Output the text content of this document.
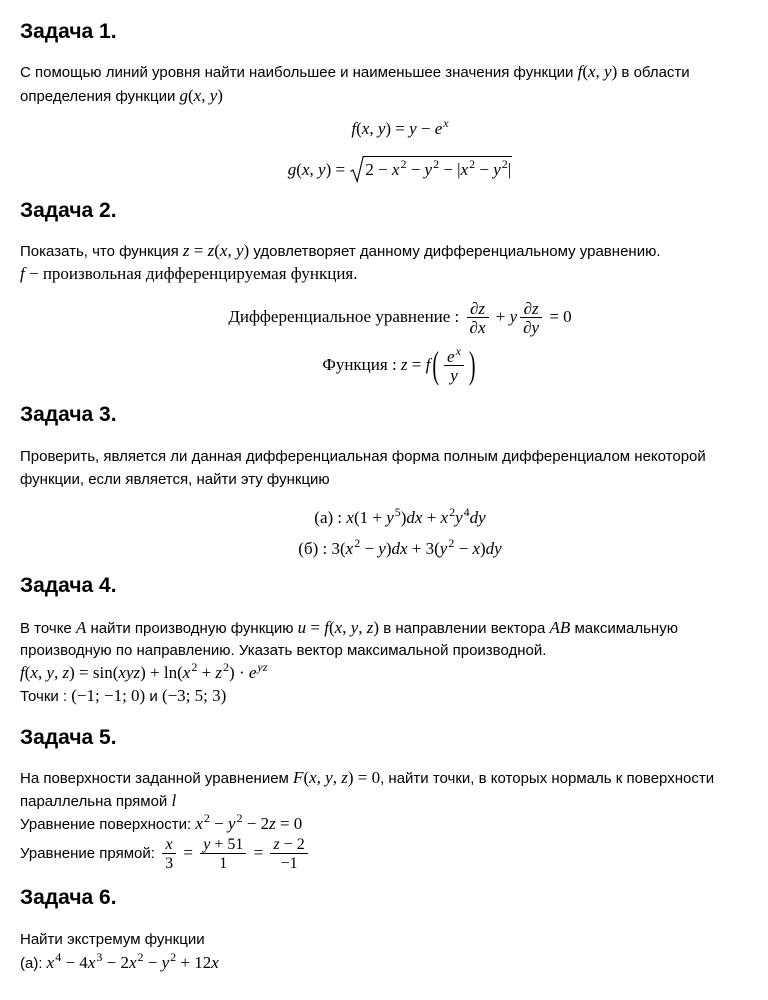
Задача 1.
С помощью линий уровня найти наибольшее и наименьшее значения функции f(x, y) в области
определения функции g(x, y)
f(x, $y) = y - e^x$
g(x, y) =
$2 - x^2 - y^2 - |x^2 - y^2|$
Задача 2.
Показать, что функция z = z(x, y) удовлетворяет данному дифференциальному уравнению.
f − произвольная дифференцируемая функция.
Дифференциальное уравнение : $\frac{\partial z}{\partial x} + y \frac{\partial z}{\partial y} = 0$
Функция : z = f ( $\frac{e^x}{y}$ )
Задача 3.
Проверить, является ли данная дифференциальная форма полным дифференциалом некоторой
функции, если является, найти эту функцию
(а) : $x(1 + y^5)dx + x^2y^4dy$
(б) : $3(x^2 - y)dx + 3(y^2 - x)dy$
Задача 4.
В точке A найти производную функцию u = f(x, y, z) в направлении вектора AB максимальную
производную по направлению. Указать вектор максимальной производной.
f(x, y, $z) = \sin(xyz) + \ln(x^2 + z^2) \cdot e^{yz}$
Точки : (−1; −1; 0) и (−3; 5; 3)
Задача 5.
На поверхности заданной уравнением F(x, y, z) = 0, найти точки, в которых нормаль к поверхности
параллельна прямой l
Уравнение поверхности: $x^2 - y^2 - 2z = 0$
Уравнение прямой: $\frac{x}{3} = \frac{y + 51}{1} = \frac{z - 2}{-1}$
Задача 6.
Найти экстремум функции
(а): $x^4 - 4x^3 - 2x^2 - y^2 + 12x$
